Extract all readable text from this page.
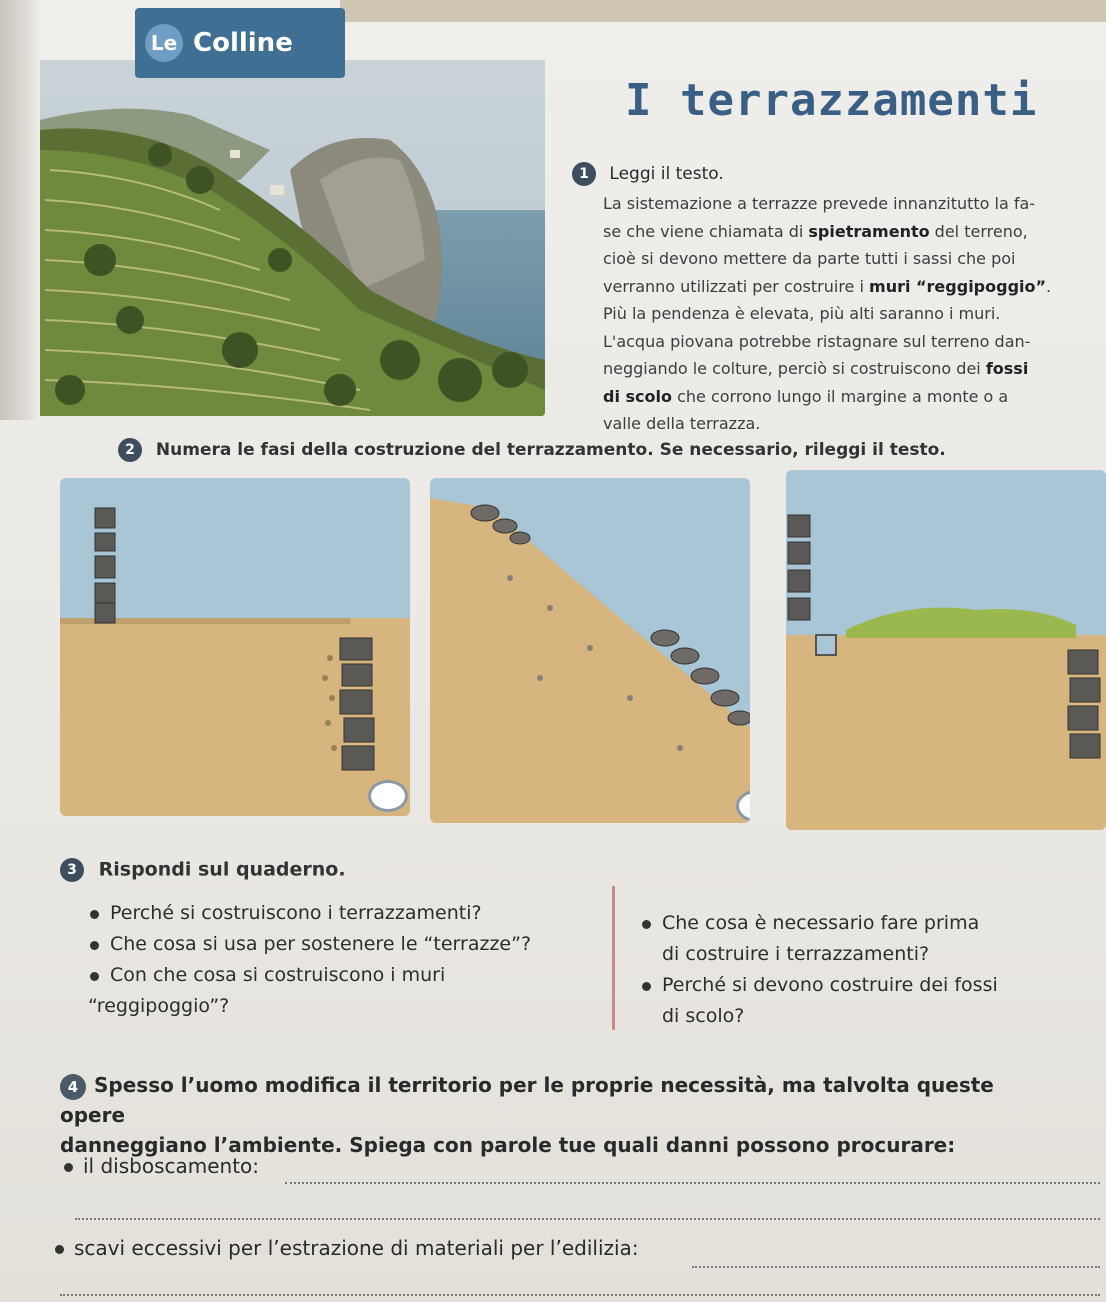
Le Colline
I terrazzamenti
1 Leggi il testo.
La sistemazione a terrazze prevede innanzitutto la fa-
se che viene chiamata di spietramento del terreno,
cioè si devono mettere da parte tutti i sassi che poi
verranno utilizzati per costruire i muri “reggipoggio”.
Più la pendenza è elevata, più alti saranno i muri.
L'acqua piovana potrebbe ristagnare sul terreno dan-
neggiando le colture, perciò si costruiscono dei fossi
di scolo che corrono lungo il margine a monte o a
valle della terrazza.
2 Numera le fasi della costruzione del terrazzamento. Se necessario, rileggi il testo.
3 Rispondi sul quaderno.
Perché si costruiscono i terrazzamenti?
Che cosa si usa per sostenere le “terrazze”?
Con che cosa si costruiscono i muri
“reggipoggio”?
Che cosa è necessario fare prima
di costruire i terrazzamenti?
Perché si devono costruire dei fossi
di scolo?
4 Spesso l’uomo modifica il territorio per le proprie necessità, ma talvolta queste opere
danneggiano l’ambiente. Spiega con parole tue quali danni possono procurare:
il disboscamento:
scavi eccessivi per l’estrazione di materiali per l’edilizia:
